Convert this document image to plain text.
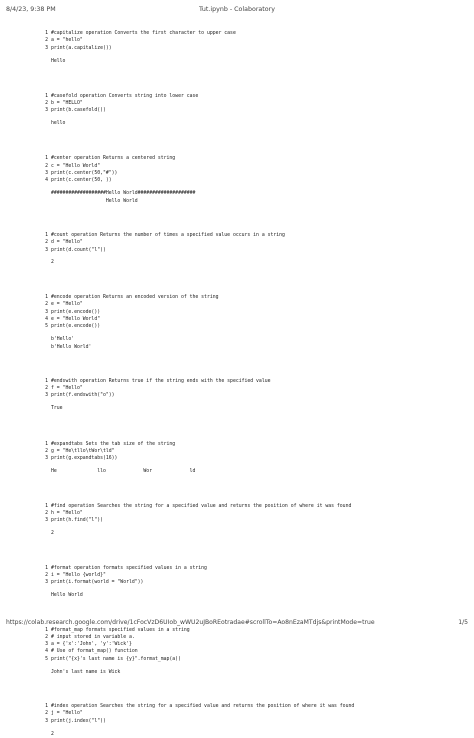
8/4/23, 9:38 PM	Tut.ipynb - Colaboratory
1 #capitalize operation Converts the first character to upper case
2 a = "hello"
3 print(a.capitalize())
Hello
1 #casefold operation Converts string into lower case
2 b = "HELLO"
3 print(b.casefold())
hello
1 #center operation Returns a centered string
2 c = "Hello World"
3 print(c.center(50,"#"))
4 print(c.center(50, ))
###################Hello World####################
Hello World
1 #count operation Returns the number of times a specified value occurs in a string
2 d = "Hello"
3 print(d.count("l"))
2
1 #encode operation Returns an encoded version of the string
2 e = "Hello"
3 print(e.encode())
4 e = "Hello World"
5 print(e.encode())
b'Hello'
b'Hello World'
1 #endswith operation Returns true if the string ends with the specified value
2 f = "Hello"
3 print(f.endswith("o"))
True
1 #expandtabs Sets the tab size of the string
2 g = "He\tllo\tWor\tld"
3 print(g.expandtabs(16))
He              llo             Wor             ld
1 #find operation Searches the string for a specified value and returns the position of where it was found
2 h = "Hello"
3 print(h.find("l"))
2
1 #format operation formats specified values in a string
2 i = "Hello {world}"
3 print(i.format(world = "World"))
Hello World
1 #format_map formats specified values in a string
2 # input stored in variable a.
3 a = {'x':'John', 'y':'Wick'}
4 # Use of format_map() function
5 print("{x}'s last name is {y}".format_map(a))
John's last name is Wick
1 #index operation Searches the string for a specified value and returns the position of where it was found
2 j = "Hello"
3 print(j.index("l"))
2
https://colab.research.google.com/drive/1cFocVzD6UIob_wWU2uJBoREotradae#scrollTo=Ao8nEzaMTdjs&printMode=true	1/5
